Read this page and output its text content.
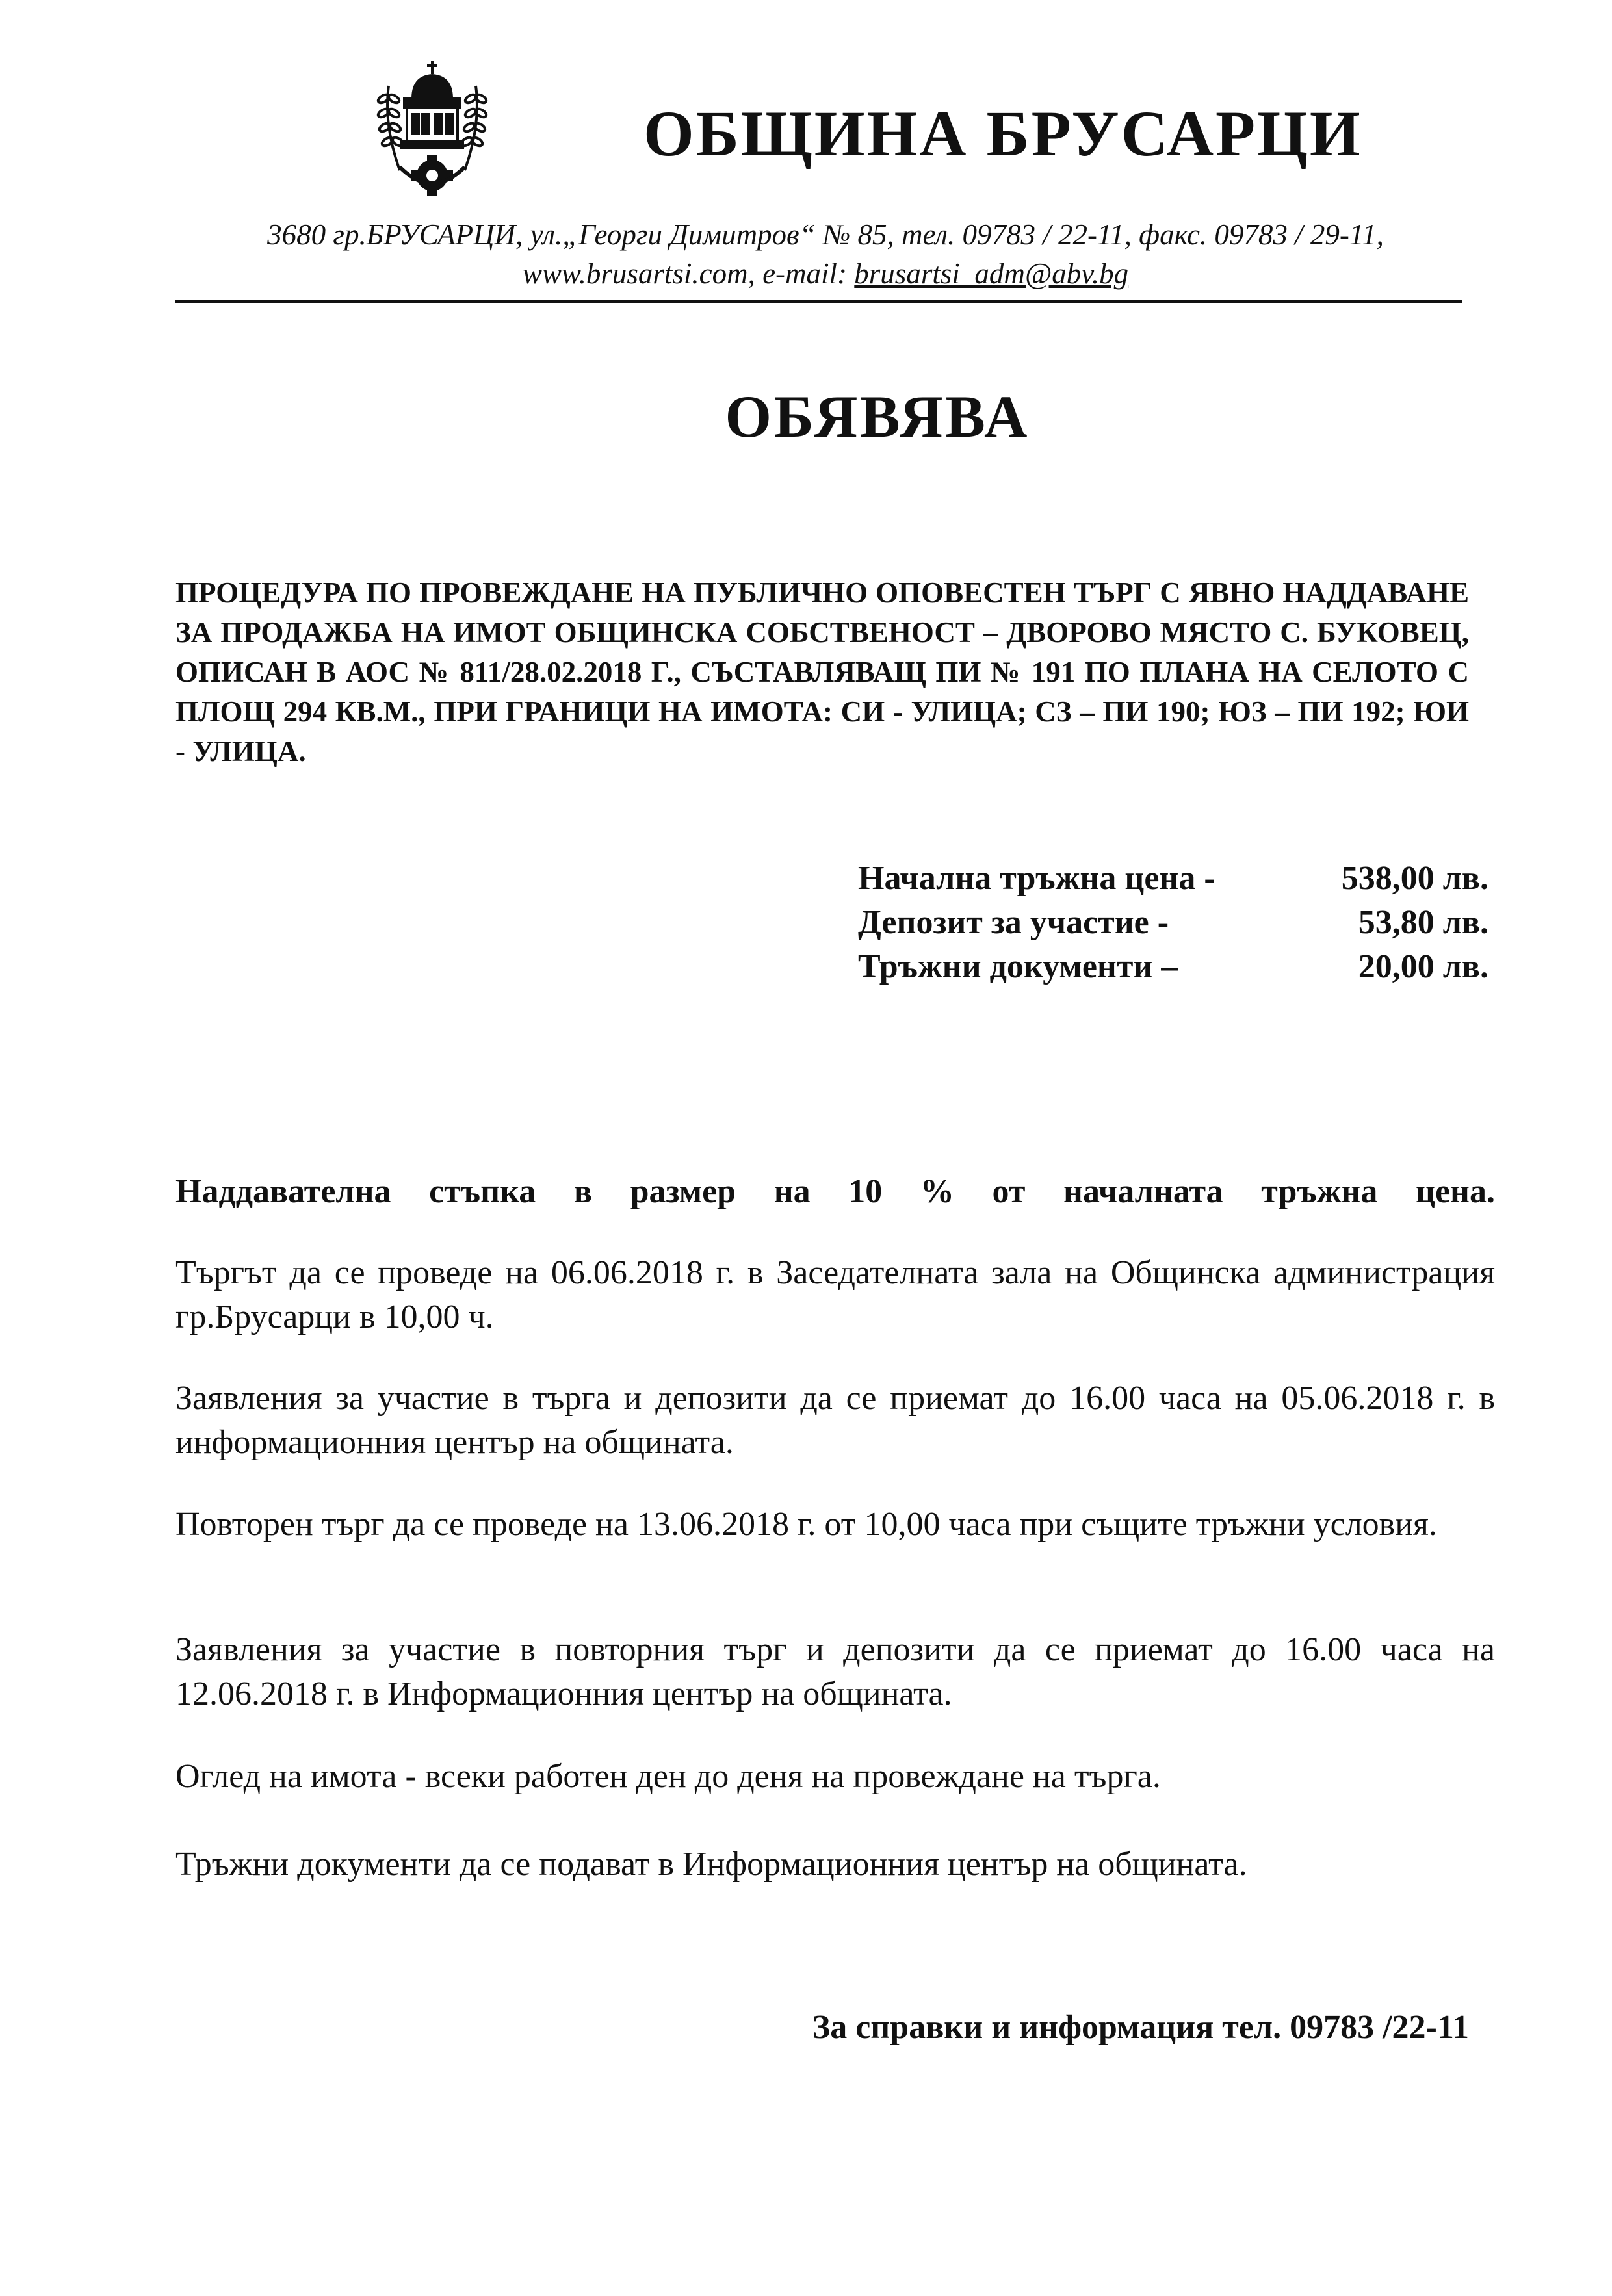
ОБЩИНА БРУСАРЦИ
3680 гр.БРУСАРЦИ, ул.„Георги Димитров“ № 85, тел. 09783 / 22-11, факс. 09783 / 29-11,
www.brusartsi.com, e-mail: brusartsi_adm@abv.bg
ОБЯВЯВА
ПРОЦЕДУРА ПО ПРОВЕЖДАНЕ НА ПУБЛИЧНО ОПОВЕСТЕН ТЪРГ С ЯВНО НАДДАВАНЕ ЗА ПРОДАЖБА НА ИМОТ ОБЩИНСКА СОБСТВЕНОСТ – ДВОРОВО МЯСТО С. БУКОВЕЦ, ОПИСАН В АОС № 811/28.02.2018 Г., СЪСТАВЛЯВАЩ ПИ № 191 ПО ПЛАНА НА СЕЛОТО С ПЛОЩ 294 КВ.М., ПРИ ГРАНИЦИ НА ИМОТА: СИ - УЛИЦА; СЗ – ПИ 190; ЮЗ – ПИ 192; ЮИ - УЛИЦА.
Начална тръжна цена -	538,00 лв.
Депозит за участие -	53,80 лв.
Тръжни документи –	20,00 лв.
Наддавателна стъпка в размер на 10 % от началната тръжна цена.
Търгът да се проведе на 06.06.2018 г. в Заседателната зала на Общинска администрация гр.Брусарци в 10,00 ч.
Заявления за участие в търга и депозити да се приемат до 16.00 часа на 05.06.2018 г. в информационния център на общината.
Повторен търг да се проведе на 13.06.2018 г. от 10,00 часа при същите тръжни условия.
Заявления за участие в повторния търг и депозити да се приемат до 16.00 часа на 12.06.2018 г. в Информационния център на общината.
Оглед на имота - всеки работен ден до деня на провеждане на търга.
Тръжни документи да се подават в Информационния център на общината.
За справки и информация тел. 09783 /22-11
